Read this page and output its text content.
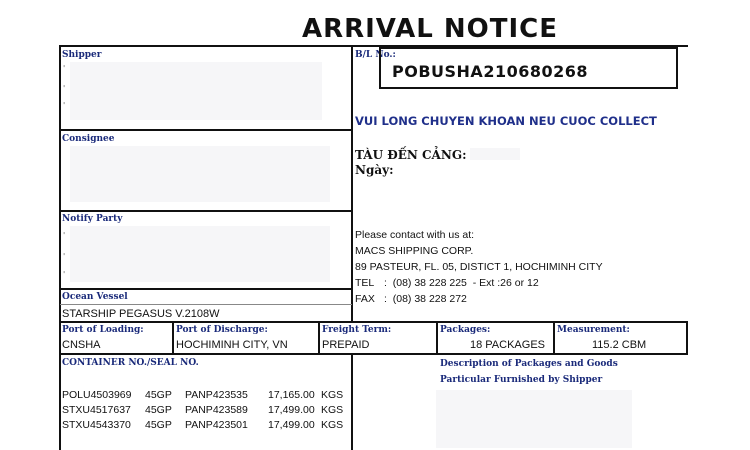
ARRIVAL NOTICE
Shipper
'
'
'
B/L No.:
POBUSHA210680268
Consignee
VUI LONG CHUYEN KHOAN NEU CUOC COLLECT
TÀU ĐẾN CẢNG:
Ngày:
Notify Party
'
'
'
Please contact with us at:
MACS SHIPPING CORP.
89 PASTEUR, FL. 05, DISTICT 1, HOCHIMINH CITY
TEL :  (08) 38 228 225  - Ext :26 or 12
FAX :  (08) 38 228 272
Ocean Vessel
STARSHIP PEGASUS V.2108W
Port of Loading:
CNSHA
Port of Discharge:
HOCHIMINH CITY, VN
Freight Term:
PREPAID
Packages:
18 PACKAGES
Measurement:
115.2 CBM
CONTAINER NO./SEAL NO.
POLU4503969 45GP PANP423535 17,165.00 KGS
STXU4517637 45GP PANP423589 17,499.00 KGS
STXU4543370 45GP PANP423501 17,499.00 KGS
Description of Packages and Goods
Particular Furnished by Shipper
